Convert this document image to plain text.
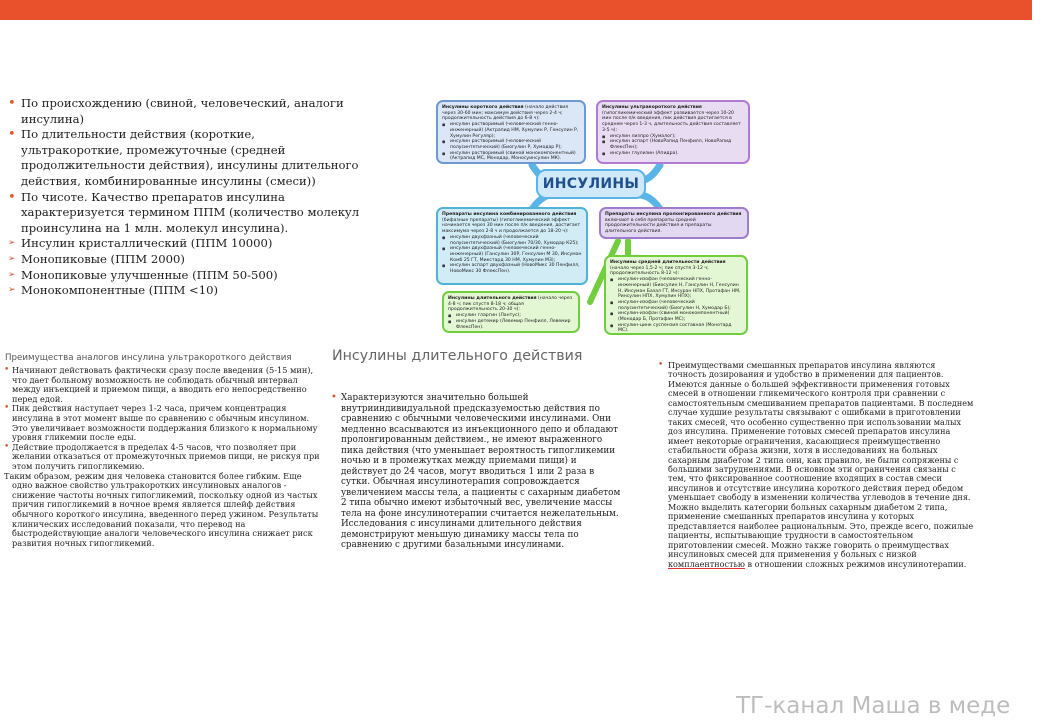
• По происхождению (свиной, человеческий, аналоги инсулина)
• По длительности действия (короткие, ультракороткие, промежуточные (средней продолжительности действия), инсулины длительного действия, комбинированные инсулины (смеси))
• По чисоте. Качество препаратов инсулина характеризуется термином ППМ (количество молекул проинсулина на 1 млн. молекул инсулина).
➢ Инсулин кристаллический (ППМ 10000)
➢ Монопиковые (ППМ 2000)
➢ Монопиковые улучшенные (ППМ 50-500)
➢ Монокомпонентные (ППМ <10)
Инсулины короткого действия (начало действия через 30-60 мин; максимум действия через 2-4 ч; продолжительность действия до 6-8 ч):
◼ инсулин растворимый (человеческий генно-инженерный) (Актрапид НМ, Хумулин Р, Генсулин Р, Хумулин Регуляр);
◼ инсулин растворимый (человеческий полусинтетический) (Биогулин Р, Хумодар Р);
◼ инсулин растворимый (свиной монокомпонентный) (Актрапид МС, Монодар, Моносуинсулин МК).
Инсулины ультракороткого действия (гипогликемический эффект развивается через 10-20 мин после п/к введения, пик действия достигается в среднем через 1-3 ч, длительность действия составляет 3-5 ч):
◼ инсулин лизпро (Хумалог);
◼ инсулин аспарт (НовоРапид Пенфилл, НовоРапид ФлексПен);
◼ инсулин глулизин (Апидра).
ИНСУЛИНЫ
Препараты инсулина комбинированного действия (бифазные препараты) (гипогликемический эффект начинается через 30 мин после п/к введения, достигает максимума через 2-8 ч и продолжается до 18-20 ч):
◼ инсулин двухфазный (человеческий полусинтетический) (Биогулин 70/30, Хумодар К25);
◼ инсулин двухфазный (человеческий генно-инженерный) (Гансулин 30Р, Генсулин М 30, Инсуман Комб 25 ГТ, Микстард 30 НМ, Хумулин М3);
◼ инсулин аспарт двухфазный (НовоМикс 30 Пенфилл, НовоМикс 30 ФлексПен).
Препараты инсулина пролонгированного действия включают в себя препараты средней продолжительности действия и препараты длительного действия.
Инсулины длительного действия (начало через 4-8 ч; пик спустя 8-18 ч; общая продолжительность 20-30 ч):
◼ инсулин гларгин (Лантус);
◼ инсулин детемир (Левемир Пенфилл, Левемир ФлексПен).
Инсулины средней длительности действия (начало через 1,5-2 ч; пик спустя 3-12 ч; продолжительность 8-12 ч):
◼ инсулин-изофан (человеческий генно-инженерный) (Биосулин Н, Гансулин Н, Генсулин Н, Инсуман Базал ГТ, Инсуран НПХ, Протафан НМ, Ринсулин НПХ, Хумулин НПХ);
◼ инсулин-изофан (человеческий полусинтетический) (Биогулин Н, Хумодар Б);
◼ инсулин-изофан (свиной монокомпонентный) (Монодар Б, Протафан МС);
◼ инсулин-цинк суспензия составная (Монотард МС).
Преимущества аналогов инсулина ультракороткого действия
• Начинают действовать фактически сразу после введения (5-15 мин), что дает больному возможность не соблюдать обычный интервал между инъекцией и приемом пищи, а вводить его непосредственно перед едой.
• Пик действия наступает через 1-2 часа, причем концентрация инсулина в этот момент выше по сравнению с обычным инсулином. Это увеличивает возможности поддержания близкого к нормальному уровня гликемии после еды.
• Действие продолжается в пределах 4-5 часов, что позволяет при желании отказаться от промежуточных приемов пищи, не рискуя при этом получить гипогликемию.
Таким образом, режим дня человека становится более гибким. Еще
одно важное свойство ультракоротких инсулиновых аналогов - снижение частоты ночных гипогликемий, поскольку одной из частых причин гипогликемий в ночное время является шлейф действия обычного короткого инсулина, введенного перед ужином. Результаты клинических исследований показали, что перевод на быстродействующие аналоги человеческого инсулина снижает риск развития ночных гипогликемий.
Инсулины длительного действия
• Характеризуются значительно большей внутрииндивидуальной предсказуемостью действия по сравнению с обычными человеческими инсулинами. Они медленно всасываются из инъекционного депо и обладают пролонгированным действием., не имеют выраженного пика действия (что уменьшает вероятность гипогликемии ночью и в промежутках между приемами пищи) и действует до 24 часов, могут вводиться 1 или 2 раза в сутки. Обычная инсулинотерапия сопровождается увеличением массы тела, а пациенты с сахарным диабетом 2 типа обычно имеют избыточный вес, увеличение массы тела на фоне инсулинотерапии считается нежелательным. Исследования с инсулинами длительного действия демонстрируют меньшую динамику массы тела по сравнению с другими базальными инсулинами.
• Преимуществами смешанных препаратов инсулина являются точность дозирования и удобство в применении для пациентов. Имеются данные о большей эффективности применения готовых смесей в отношении гликемического контроля при сравнении с самостоятельным смешиванием препаратов пациентами. В последнем случае худшие результаты связывают с ошибками в приготовлении таких смесей, что особенно существенно при использовании малых доз инсулина. Применение готовых смесей препаратов инсулина имеет некоторые ограничения, касающиеся преимущественно стабильности образа жизни, хотя в исследованиях на больных сахарным диабетом 2 типа они, как правило, не были сопряжены с большими затруднениями. В основном эти ограничения связаны с тем, что фиксированное соотношение входящих в состав смеси инсулинов и отсутствие инсулина короткого действия перед обедом уменьшает свободу в изменении количества углеводов в течение дня. Можно выделить категории больных сахарным диабетом 2 типа, применение смешанных препаратов инсулина у которых представляется наиболее рациональным. Это, прежде всего, пожилые пациенты, испытывающие трудности в самостоятельном приготовлении смесей. Можно также говорить о преимуществах инсулиновых смесей для применения у больных с низкой комплаентностью в отношении сложных режимов инсулинотерапии.
ТГ-канал Маша в меде
